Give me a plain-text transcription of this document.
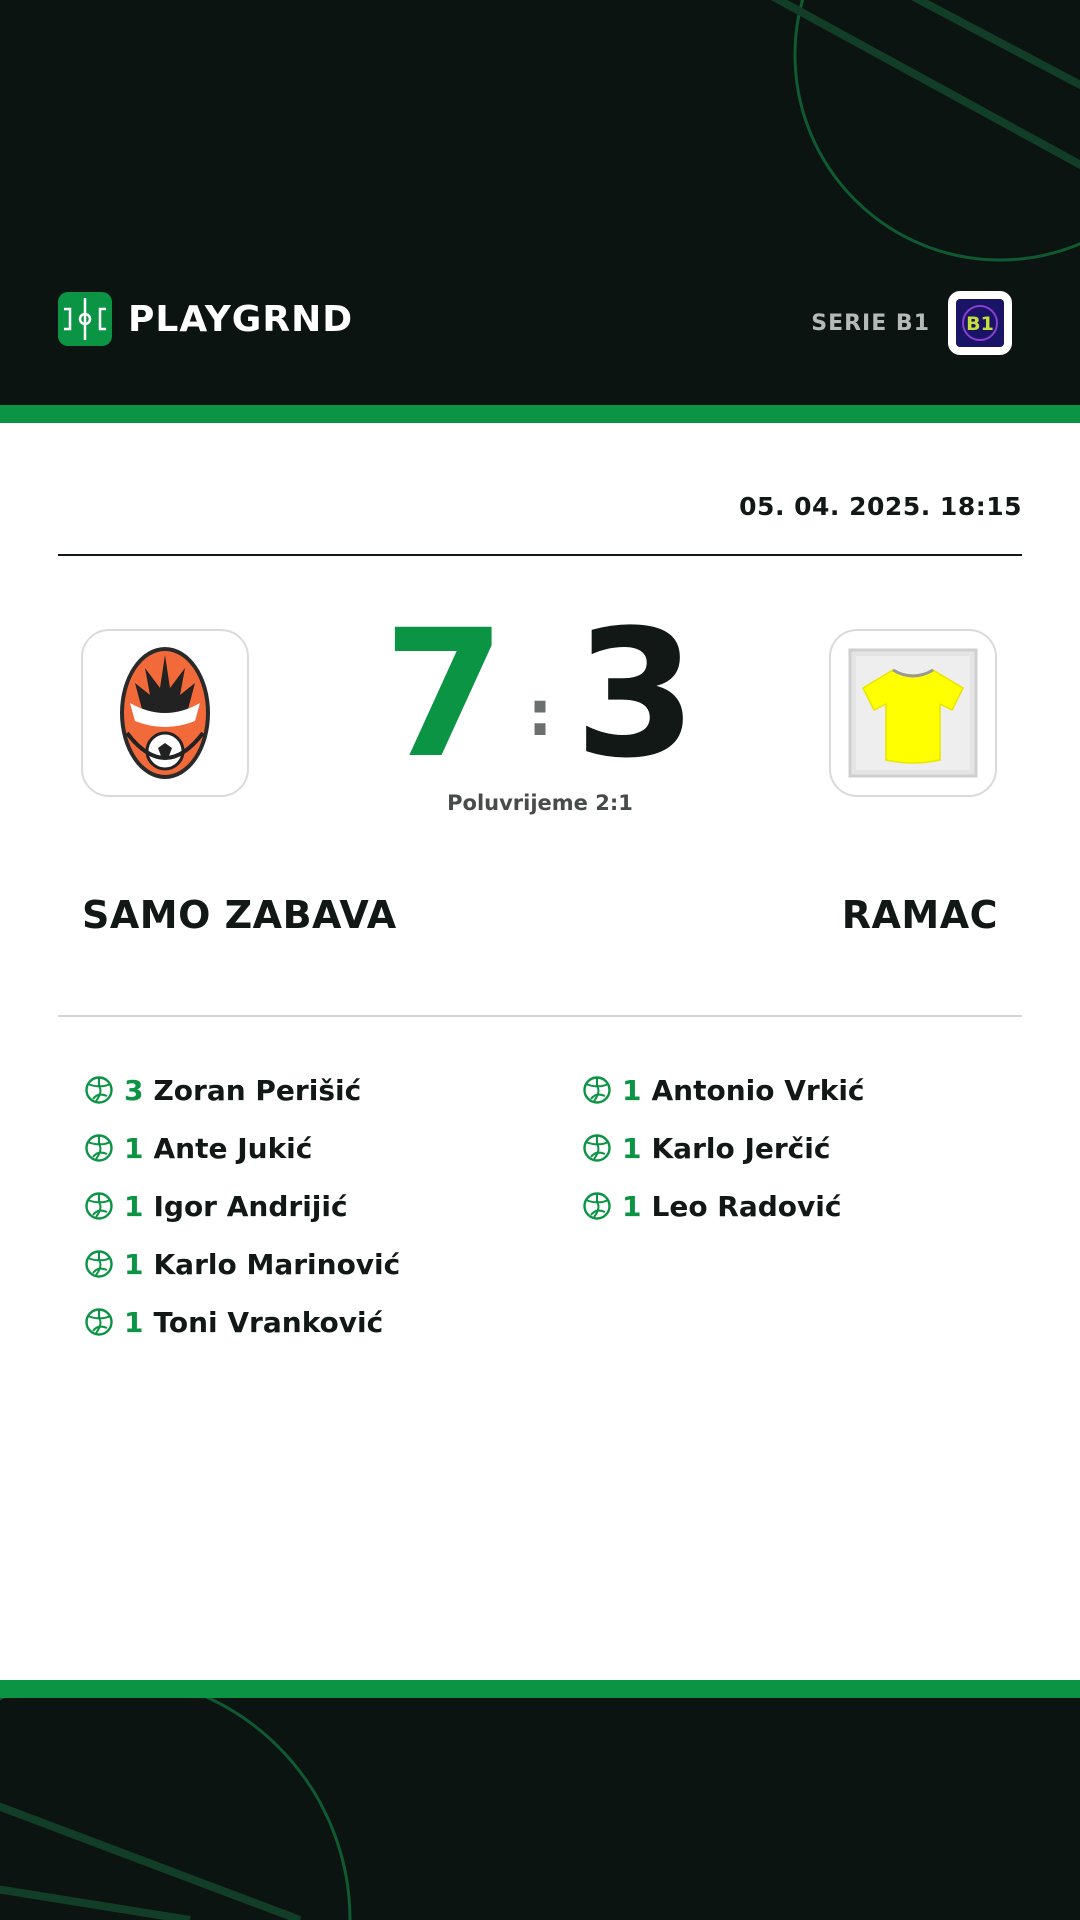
PLAYGRND	SERIE B1 B1
05. 04. 2025. 18:15
7 : 3
Poluvrijeme 2:1
SAMO ZABAVA	RAMAC
3 Zoran Perišić
1 Ante Jukić
1 Igor Andrijić
1 Karlo Marinović
1 Toni Vranković
1 Antonio Vrkić
1 Karlo Jerčić
1 Leo Radović
